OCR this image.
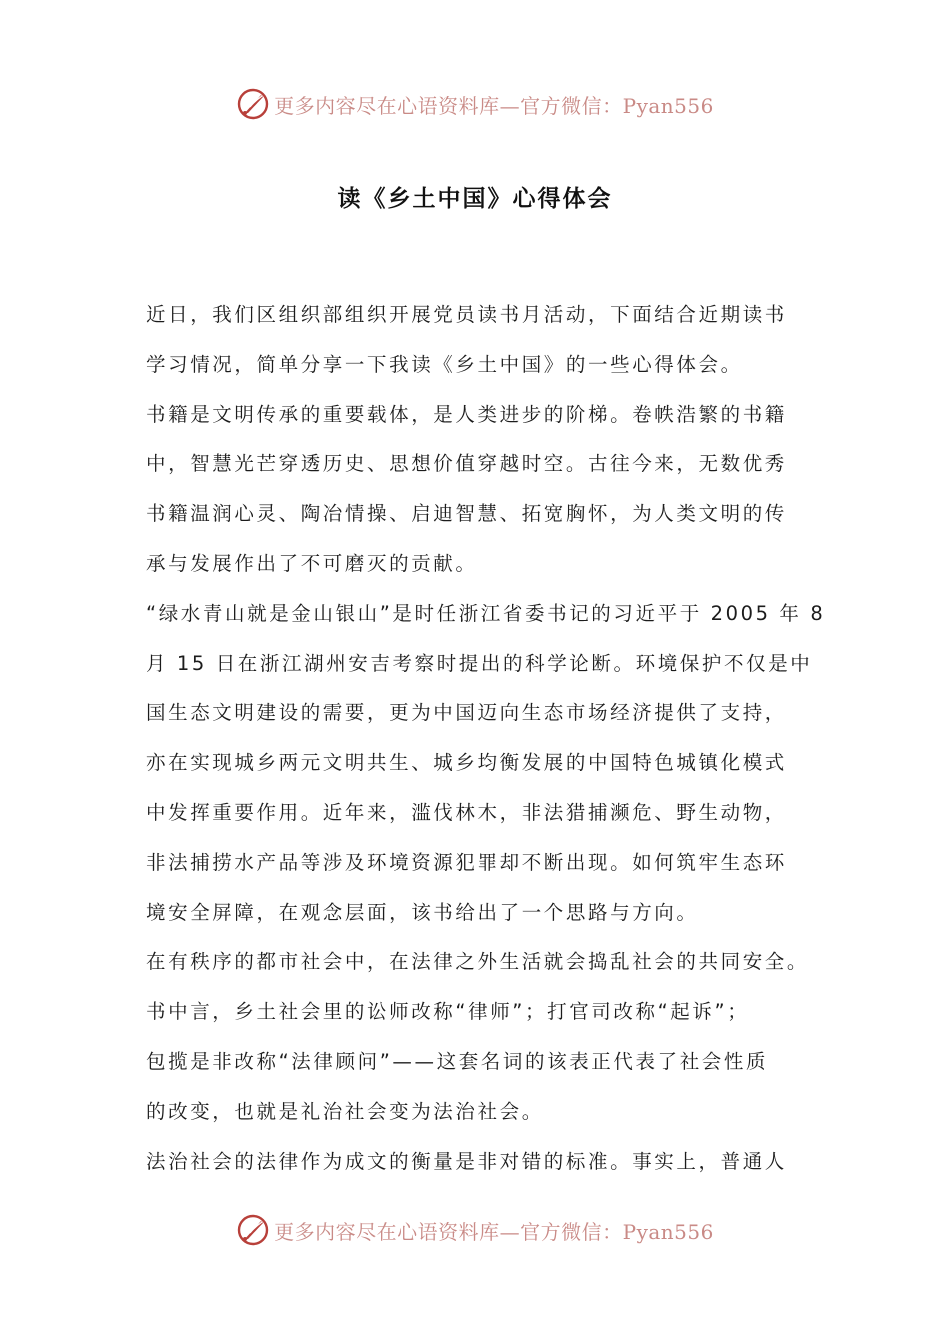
更多内容尽在心语资料库—官方微信：Pyan556
读《乡土中国》心得体会
近日，我们区组织部组织开展党员读书月活动，下面结合近期读书
学习情况，简单分享一下我读《乡土中国》的一些心得体会。
书籍是文明传承的重要载体，是人类进步的阶梯。卷帙浩繁的书籍
中，智慧光芒穿透历史、思想价值穿越时空。古往今来，无数优秀
书籍温润心灵、陶冶情操、启迪智慧、拓宽胸怀，为人类文明的传
承与发展作出了不可磨灭的贡献。
“绿水青山就是金山银山”是时任浙江省委书记的习近平于 2005 年 8
月 15 日在浙江湖州安吉考察时提出的科学论断。环境保护不仅是中
国生态文明建设的需要，更为中国迈向生态市场经济提供了支持，
亦在实现城乡两元文明共生、城乡均衡发展的中国特色城镇化模式
中发挥重要作用。近年来，滥伐林木，非法猎捕濒危、野生动物，
非法捕捞水产品等涉及环境资源犯罪却不断出现。如何筑牢生态环
境安全屏障，在观念层面，该书给出了一个思路与方向。
在有秩序的都市社会中，在法律之外生活就会捣乱社会的共同安全。
书中言，乡土社会里的讼师改称“律师”；打官司改称“起诉”；
包揽是非改称“法律顾问”——这套名词的该表正代表了社会性质
的改变，也就是礼治社会变为法治社会。
法治社会的法律作为成文的衡量是非对错的标准。事实上，普通人
更多内容尽在心语资料库—官方微信：Pyan556
